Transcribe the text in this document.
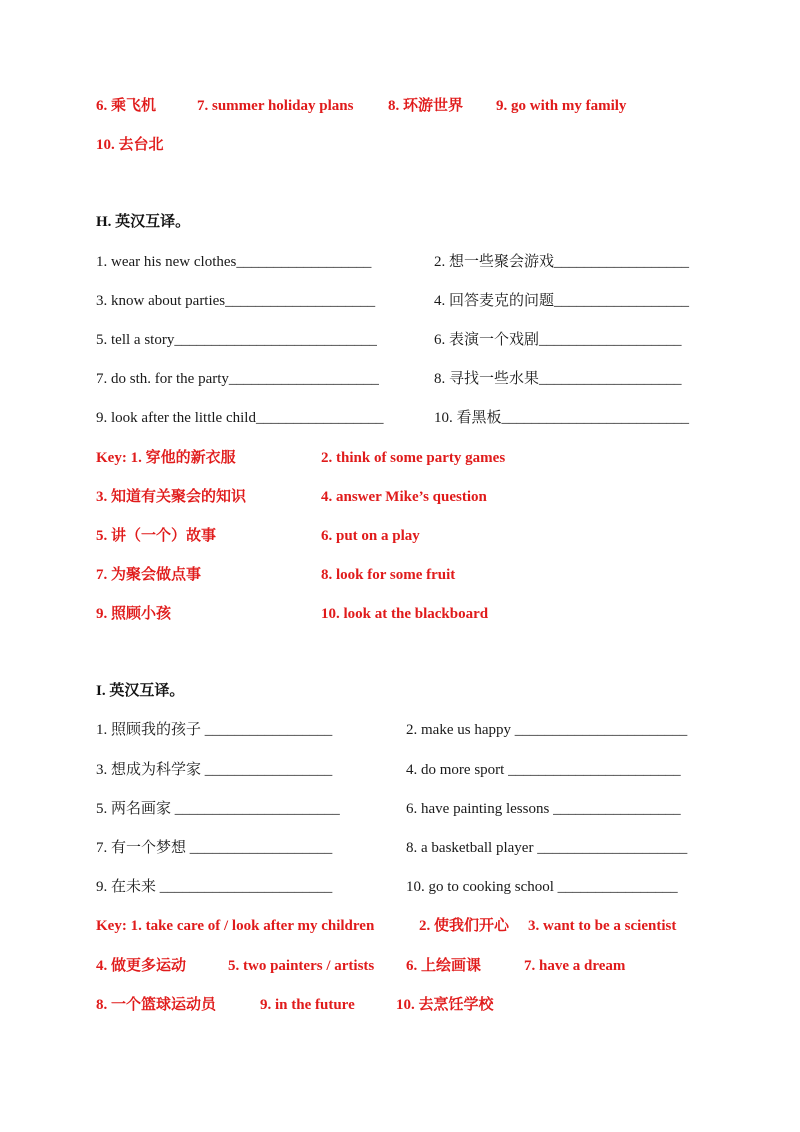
6. 乘飞机	7. summer holiday plans 8. 环游世界 9. go with my family
10. 去台北
H. 英汉互译。
1. wear his new clothes__________________	2. 想一些聚会游戏__________________
3. know about parties____________________	4. 回答麦克的问题__________________
5. tell a story___________________________	6. 表演一个戏剧___________________
7. do sth. for the party____________________	8. 寻找一些水果___________________
9. look after the little child_________________	10. 看黑板_________________________
Key: 1. 穿他的新衣服	2. think of some party games
3. 知道有关聚会的知识	4. answer Mike’s question
5. 讲（一个）故事	6. put on a play
7. 为聚会做点事	8. look for some fruit
9. 照顾小孩	10. look at the blackboard
I. 英汉互译。
1. 照顾我的孩子 _________________	2. make us happy _______________________
3. 想成为科学家 _________________	4. do more sport _______________________
5. 两名画家 ______________________	6. have painting lessons _________________
7. 有一个梦想 ___________________	8. a basketball player ____________________
9. 在未来 _______________________	10. go to cooking school ________________
Key: 1. take care of / look after my children	2. 使我们开心 3. want to be a scientist
4. 做更多运动	5. two painters / artists 6. 上绘画课	7. have a dream
8. 一个篮球运动员	9. in the future	10. 去烹饪学校
